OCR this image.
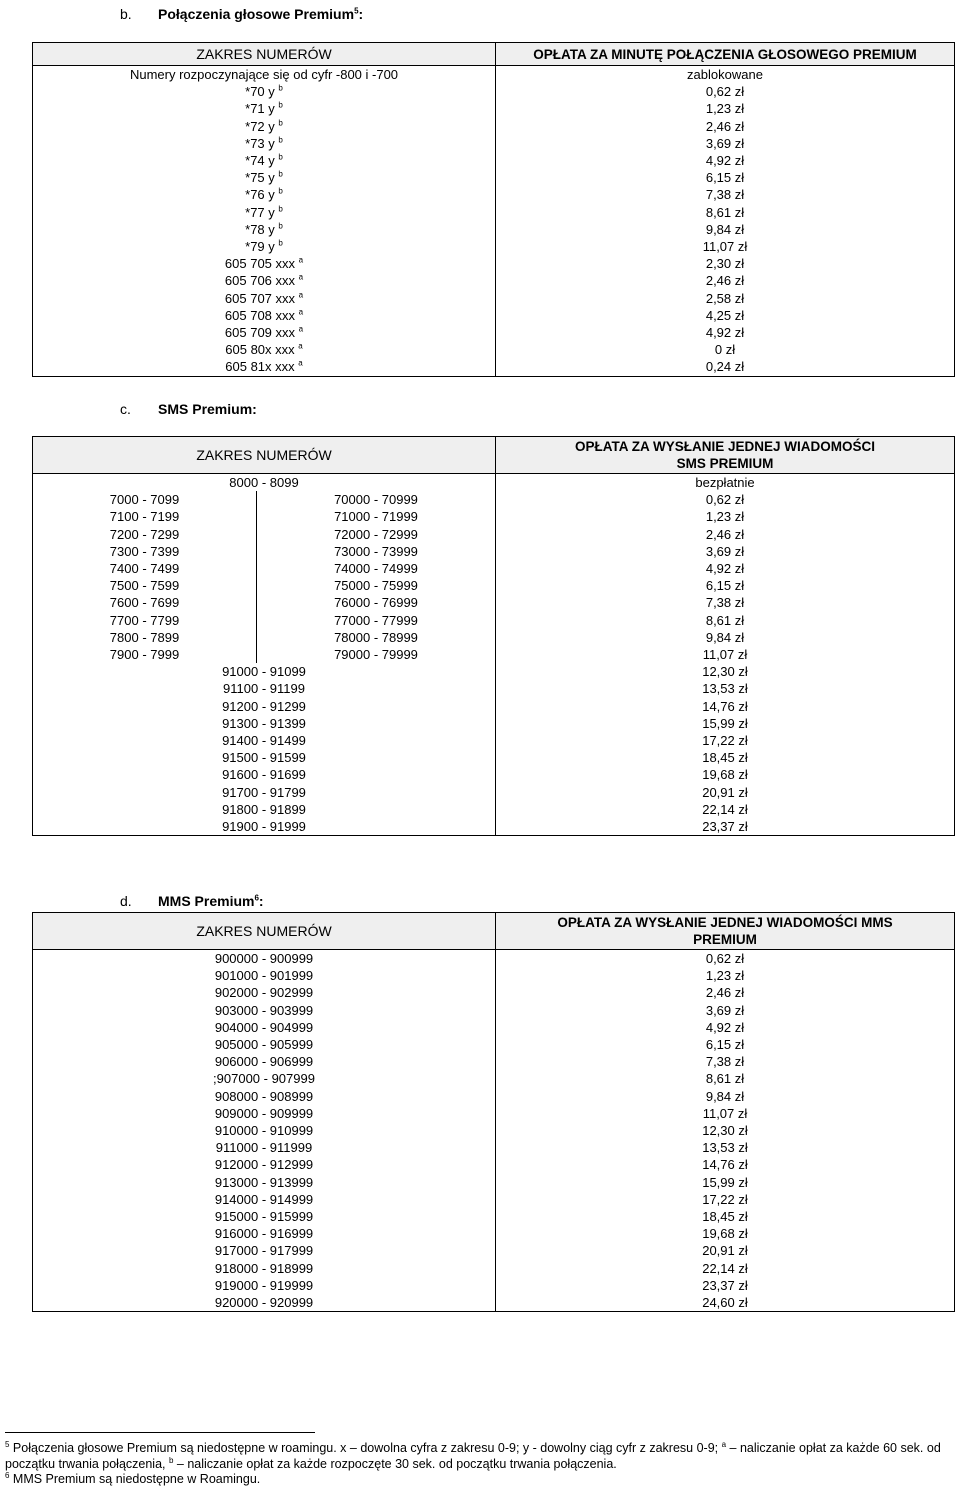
b. Połączenia głosowe Premium$^5$:
ZAKRES NUMERÓW	OPŁATA ZA MINUTĘ POŁĄCZENIA GŁOSOWEGO PREMIUM
Numery rozpoczynające się od cyfr -800 i -700	zablokowane
*70 y $^b$	0,62 zł
*71 y $^b$	1,23 zł
*72 y $^b$	2,46 zł
*73 y $^b$	3,69 zł
*74 y $^b$	4,92 zł
*75 y $^b$	6,15 zł
*76 y $^b$	7,38 zł
*77 y $^b$	8,61 zł
*78 y $^b$	9,84 zł
*79 y $^b$	11,07 zł
605 705 xxx $^a$	2,30 zł
605 706 xxx $^a$	2,46 zł
605 707 xxx $^a$	2,58 zł
605 708 xxx $^a$	4,25 zł
605 709 xxx $^a$	4,92 zł
605 80x xxx $^a$	0 zł
605 81x xxx $^a$	0,24 zł
c. SMS Premium:
ZAKRES NUMERÓW		OPŁATA ZA WYSŁANIE JEDNEJ WIADOMOŚCI
SMS PREMIUM

8000 - 8099		bezpłatnie
7000 - 7099	70000 - 70999	0,62 zł
7100 - 7199	71000 - 71999	1,23 zł
7200 - 7299	72000 - 72999	2,46 zł
7300 - 7399	73000 - 73999	3,69 zł
7400 - 7499	74000 - 74999	4,92 zł
7500 - 7599	75000 - 75999	6,15 zł
7600 - 7699	76000 - 76999	7,38 zł
7700 - 7799	77000 - 77999	8,61 zł
7800 - 7899	78000 - 78999	9,84 zł
7900 - 7999	79000 - 79999	11,07 zł
91000 - 91099		12,30 zł
91100 - 91199		13,53 zł
91200 - 91299		14,76 zł
91300 - 91399		15,99 zł
91400 - 91499		17,22 zł
91500 - 91599		18,45 zł
91600 - 91699		19,68 zł
91700 - 91799		20,91 zł
91800 - 91899		22,14 zł
91900 - 91999		23,37 zł
d. MMS Premium$^6$:
ZAKRES NUMERÓW	OPŁATA ZA WYSŁANIE JEDNEJ WIADOMOŚCI MMS
PREMIUM

900000 - 900999	0,62 zł
901000 - 901999	1,23 zł
902000 - 902999	2,46 zł
903000 - 903999	3,69 zł
904000 - 904999	4,92 zł
905000 - 905999	6,15 zł
906000 - 906999	7,38 zł
;907000 - 907999	8,61 zł
908000 - 908999	9,84 zł
909000 - 909999	11,07 zł
910000 - 910999	12,30 zł
911000 - 911999	13,53 zł
912000 - 912999	14,76 zł
913000 - 913999	15,99 zł
914000 - 914999	17,22 zł
915000 - 915999	18,45 zł
916000 - 916999	19,68 zł
917000 - 917999	20,91 zł
918000 - 918999	22,14 zł
919000 - 919999	23,37 zł
920000 - 920999	24,60 zł

$^5$ Połączenia głosowe Premium są niedostępne w roamingu. x – dowolna cyfra z zakresu 0-9; y - dowolny ciąg cyfr z zakresu 0-9; $^a$ – naliczanie opłat za każde 60 sek. od początku trwania połączenia, $^b$ – naliczanie opłat za każde rozpoczęte 30 sek. od początku trwania połączenia.

$^6$ MMS Premium są niedostępne w Roamingu.
